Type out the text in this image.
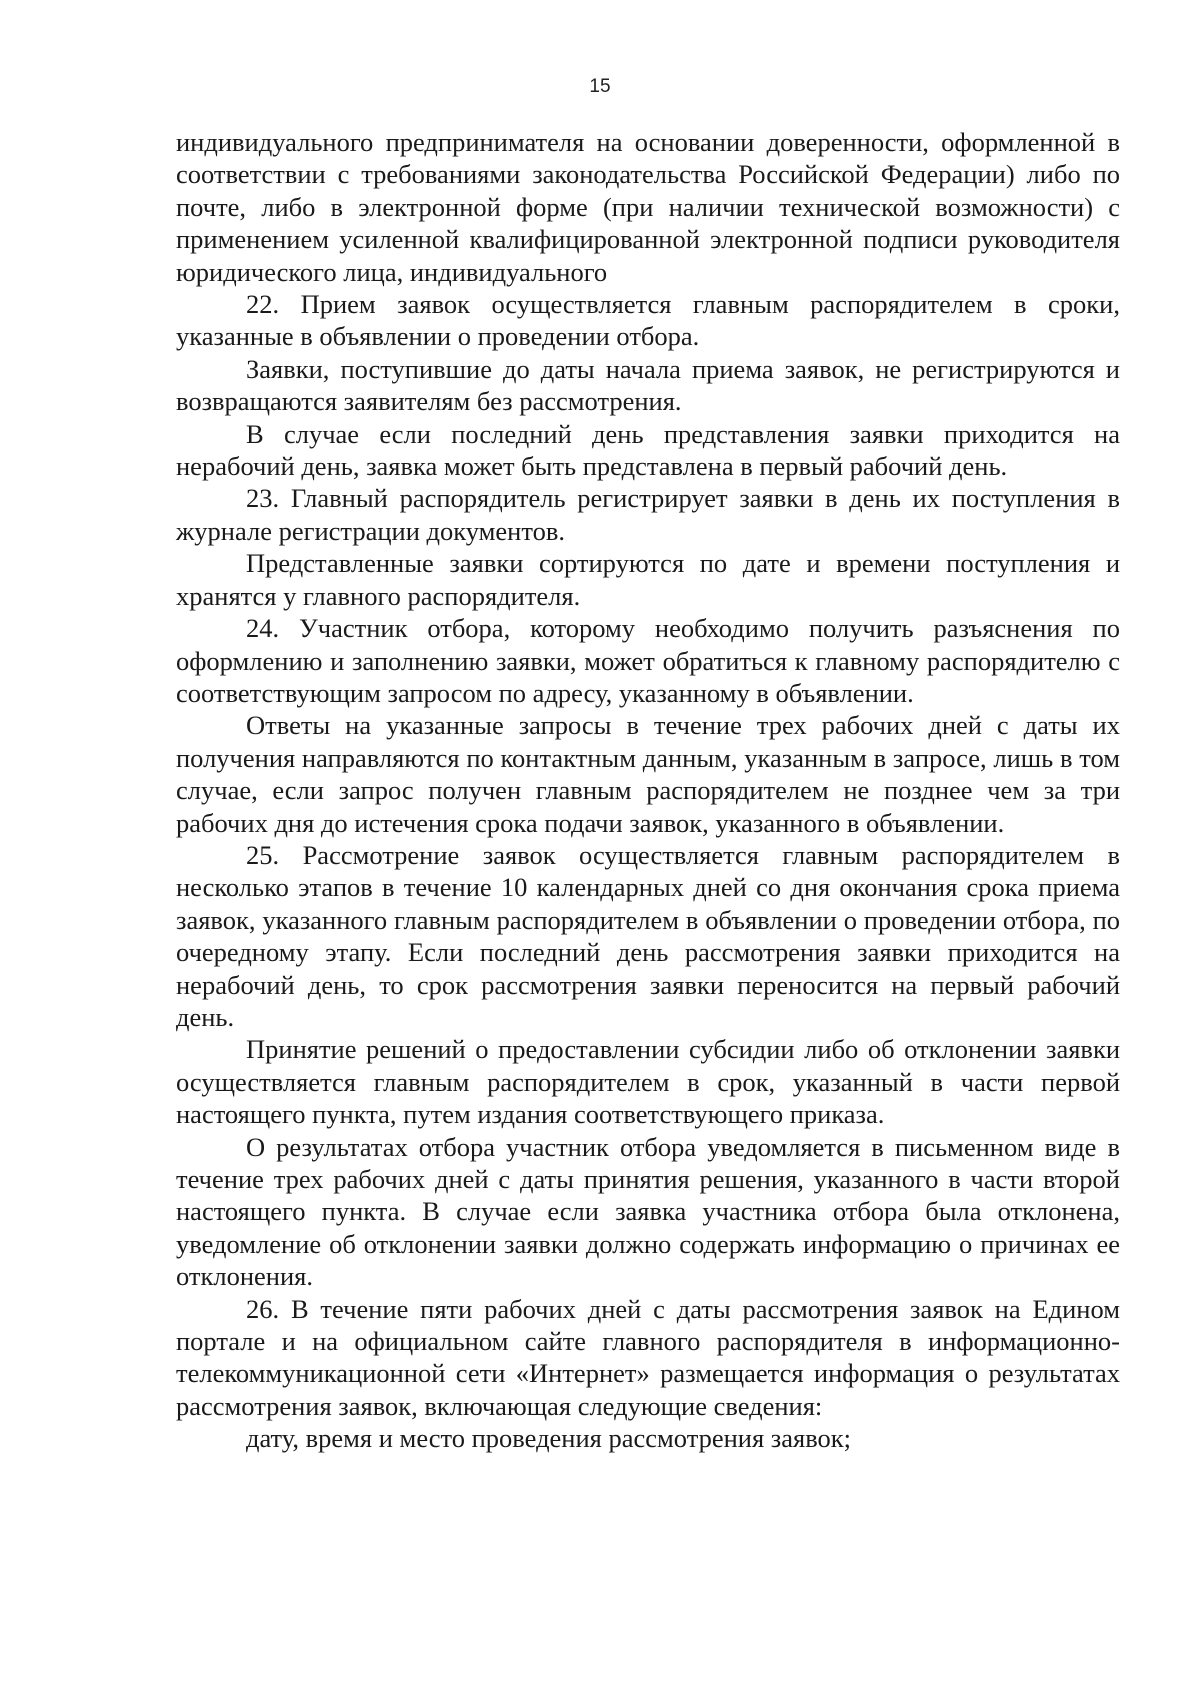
15

индивидуального предпринимателя на основании доверенности, оформленной в соответствии с требованиями законодательства Российской Федерации) либо по почте, либо в электронной форме (при наличии технической возможности) с применением усиленной квалифицированной электронной подписи руководителя юридического лица, индивидуального

22. Прием заявок осуществляется главным распорядителем в сроки, указанные в объявлении о проведении отбора.

Заявки, поступившие до даты начала приема заявок, не регистрируются и возвращаются заявителям без рассмотрения.

В случае если последний день представления заявки приходится на нерабочий день, заявка может быть представлена в первый рабочий день.

23. Главный распорядитель регистрирует заявки в день их поступления в журнале регистрации документов.

Представленные заявки сортируются по дате и времени поступления и хранятся у главного распорядителя.

24. Участник отбора, которому необходимо получить разъяснения по оформлению и заполнению заявки, может обратиться к главному распорядителю с соответствующим запросом по адресу, указанному в объявлении.

Ответы на указанные запросы в течение трех рабочих дней с даты их получения направляются по контактным данным, указанным в запросе, лишь в том случае, если запрос получен главным распорядителем не позднее чем за три рабочих дня до истечения срока подачи заявок, указанного в объявлении.

25. Рассмотрение заявок осуществляется главным распорядителем в несколько этапов в течение 10 календарных дней со дня окончания срока приема заявок, указанного главным распорядителем в объявлении о проведении отбора, по очередному этапу. Если последний день рассмотрения заявки приходится на нерабочий день, то срок рассмотрения заявки переносится на первый рабочий день.

Принятие решений о предоставлении субсидии либо об отклонении заявки осуществляется главным распорядителем в срок, указанный в части первой настоящего пункта, путем издания соответствующего приказа.

О результатах отбора участник отбора уведомляется в письменном виде в течение трех рабочих дней с даты принятия решения, указанного в части второй настоящего пункта. В случае если заявка участника отбора была отклонена, уведомление об отклонении заявки должно содержать информацию о причинах ее отклонения.

26. В течение пяти рабочих дней с даты рассмотрения заявок на Едином портале и на официальном сайте главного распорядителя в информационно-телекоммуникационной сети «Интернет» размещается информация о результатах рассмотрения заявок, включающая следующие сведения:

дату, время и место проведения рассмотрения заявок;
